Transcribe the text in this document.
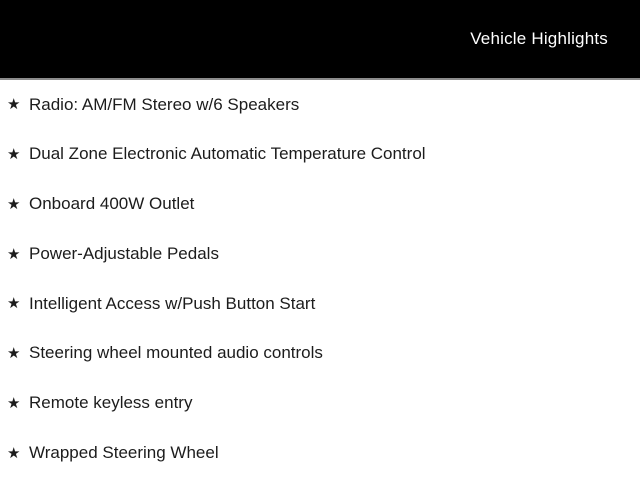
Vehicle Highlights
★ Radio: AM/FM Stereo w/6 Speakers
★ Dual Zone Electronic Automatic Temperature Control
★ Onboard 400W Outlet
★ Power-Adjustable Pedals
★ Intelligent Access w/Push Button Start
★ Steering wheel mounted audio controls
★ Remote keyless entry
★ Wrapped Steering Wheel
